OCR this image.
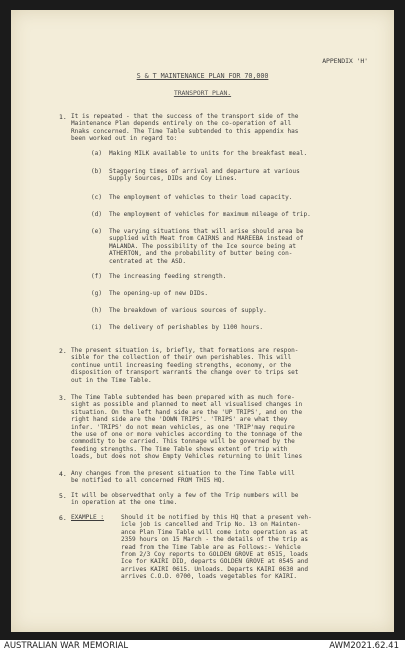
APPENDIX 'H'
S & T MAINTENANCE PLAN FOR 70,000
TRANSPORT PLAN.
1. It is repeated - that the success of the transport side of the

Maintenance Plan depends entirely on the co-operation of all

Rnaks concerned. The Time Table subtended to this appendix has

been worked out in regard to:

(a) Making MILK available to units for the breakfast meal.

(b) Staggering times of arrival and departure at various

Supply Sources, DIDs and Coy Lines.

(c) The employment of vehicles to their load capacity.

(d) The employment of vehicles for maximum mileage of trip.

(e) The varying situations that will arise should area be

supplied with Meat from CAIRNS and MAREEBA instead of

MALANDA. The possibility of the Ice source being at

ATHERTON, and the probability of butter being con-

centrated at the ASD.

(f) The increasing feeding strength.

(g) The opening-up of new DIDs.

(h) The breakdown of various sources of supply.

(i) The delivery of perishables by 1100 hours.

2. The present situation is, briefly, that formations are respon-

sible for the collection of their own perishables. This will

continue until increasing feeding strengths, economy, or the

disposition of transport warrants the change over to trips set

out in the Time Table.

3. The Time Table subtended has been prepared with as much fore-

sight as possible and planned to meet all visualised changes in

situation. On the left hand side are the 'UP TRIPS', and on the

right hand side are the 'DOWN TRIPS'. 'TRIPS' are what they

infer. 'TRIPS' do not mean vehicles, as one 'TRIP'may require

the use of one or more vehicles according to the tonnage of the

commodity to be carried. This tonnage will be governed by the

feeding strengths. The Time Table shows extent of trip with

loads, but does not show Empty Vehicles returning to Unit lines

4. Any changes from the present situation to the Time Table will

be notified to all concerned FROM THIS HQ.

5. It will be observedthat only a few of the Trip numbers will be

in operation at the one time.

6. EXAMPLE :	Should it be notified by this HQ that a present veh-

icle job is cancelled and Trip No. 13 on Mainten-

ance Plan Time Table will come into operation as at

2359 hours on 15 March - the details of the trip as

read from the Time Table are as Follows:- Vehicle

from 2/3 Coy reports to GOLDEN GROVE at 0515, loads

Ice for KAIRI DID, departs GOLDEN GROVE at 0545 and

arrives KAIRI 0615. Unloads. Departs KAIRI 0630 and

arrives C.O.D. 0700, loads vegetables for KAIRI.

AUSTRALIAN WAR MEMORIAL	AWM2021.62.41
